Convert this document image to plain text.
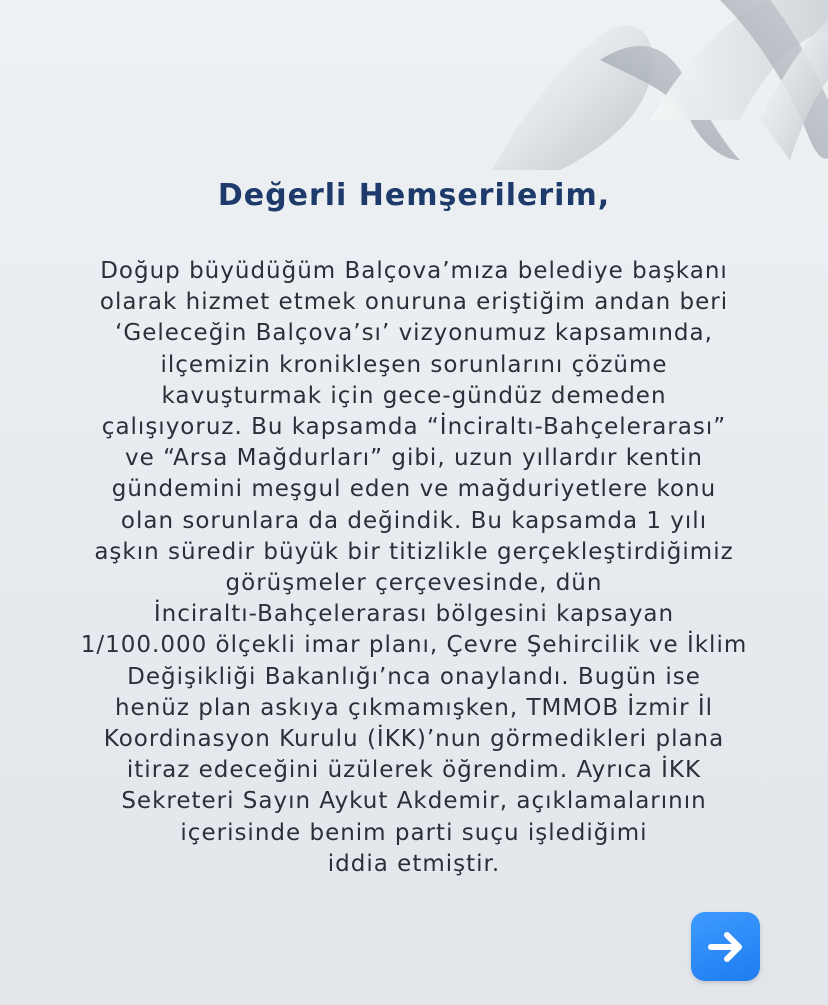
Değerli Hemşerilerim,

Doğup büyüdüğüm Balçova’mıza belediye başkanı
olarak hizmet etmek onuruna eriştiğim andan beri
‘Geleceğin Balçova’sı’ vizyonumuz kapsamında,
ilçemizin kronikleşen sorunlarını çözüme
kavuşturmak için gece-gündüz demeden
çalışıyoruz. Bu kapsamda “İnciraltı-Bahçelerarası”
ve “Arsa Mağdurları” gibi, uzun yıllardır kentin
gündemini meşgul eden ve mağduriyetlere konu
olan sorunlara da değindik. Bu kapsamda 1 yılı
aşkın süredir büyük bir titizlikle gerçekleştirdiğimiz
görüşmeler çerçevesinde, dün
İnciraltı-Bahçelerarası bölgesini kapsayan
1/100.000 ölçekli imar planı, Çevre Şehircilik ve İklim
Değişikliği Bakanlığı’nca onaylandı. Bugün ise
henüz plan askıya çıkmamışken, TMMOB İzmir İl
Koordinasyon Kurulu (İKK)’nun görmedikleri plana
itiraz edeceğini üzülerek öğrendim. Ayrıca İKK
Sekreteri Sayın Aykut Akdemir, açıklamalarının
içerisinde benim parti suçu işlediğimi
iddia etmiştir.
